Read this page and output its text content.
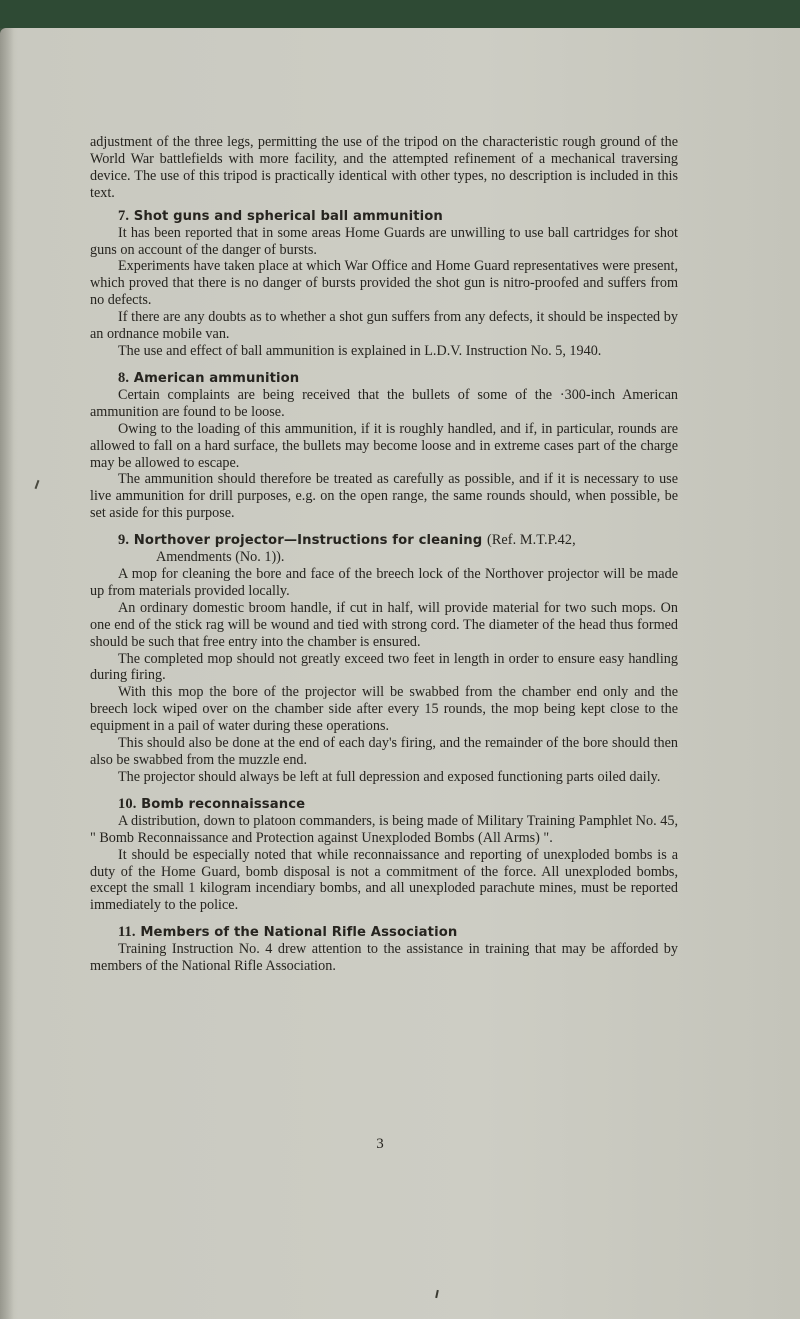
adjustment of the three legs, permitting the use of the tripod on the characteristic rough ground of the World War battlefields with more facility, and the attempted refinement of a mechanical traversing device. The use of this tripod is practically identical with other types, no description is included in this text.

7. Shot guns and spherical ball ammunition

It has been reported that in some areas Home Guards are unwilling to use ball cartridges for shot guns on account of the danger of bursts.

Experiments have taken place at which War Office and Home Guard representatives were present, which proved that there is no danger of bursts provided the shot gun is nitro-proofed and suffers from no defects.

If there are any doubts as to whether a shot gun suffers from any defects, it should be inspected by an ordnance mobile van.

The use and effect of ball ammunition is explained in L.D.V. Instruction No. 5, 1940.

8. American ammunition

Certain complaints are being received that the bullets of some of the ·300-inch American ammunition are found to be loose.

Owing to the loading of this ammunition, if it is roughly handled, and if, in particular, rounds are allowed to fall on a hard surface, the bullets may become loose and in extreme cases part of the charge may be allowed to escape.

The ammunition should therefore be treated as carefully as possible, and if it is necessary to use live ammunition for drill purposes, e.g. on the open range, the same rounds should, when possible, be set aside for this purpose.

9. Northover projector—Instructions for cleaning (Ref. M.T.P.42,
Amendments (No. 1)).

A mop for cleaning the bore and face of the breech lock of the Northover projector will be made up from materials provided locally.

An ordinary domestic broom handle, if cut in half, will provide material for two such mops. On one end of the stick rag will be wound and tied with strong cord. The diameter of the head thus formed should be such that free entry into the chamber is ensured.

The completed mop should not greatly exceed two feet in length in order to ensure easy handling during firing.

With this mop the bore of the projector will be swabbed from the chamber end only and the breech lock wiped over on the chamber side after every 15 rounds, the mop being kept close to the equipment in a pail of water during these operations.

This should also be done at the end of each day's firing, and the remainder of the bore should then also be swabbed from the muzzle end.

The projector should always be left at full depression and exposed functioning parts oiled daily.

10. Bomb reconnaissance

A distribution, down to platoon commanders, is being made of Military Training Pamphlet No. 45, " Bomb Reconnaissance and Protection against Unexploded Bombs (All Arms) ".

It should be especially noted that while reconnaissance and reporting of unexploded bombs is a duty of the Home Guard, bomb disposal is not a commitment of the force. All unexploded bombs, except the small 1 kilogram incendiary bombs, and all unexploded parachute mines, must be reported immediately to the police.

11. Members of the National Rifle Association

Training Instruction No. 4 drew attention to the assistance in training that may be afforded by members of the National Rifle Association.

3
